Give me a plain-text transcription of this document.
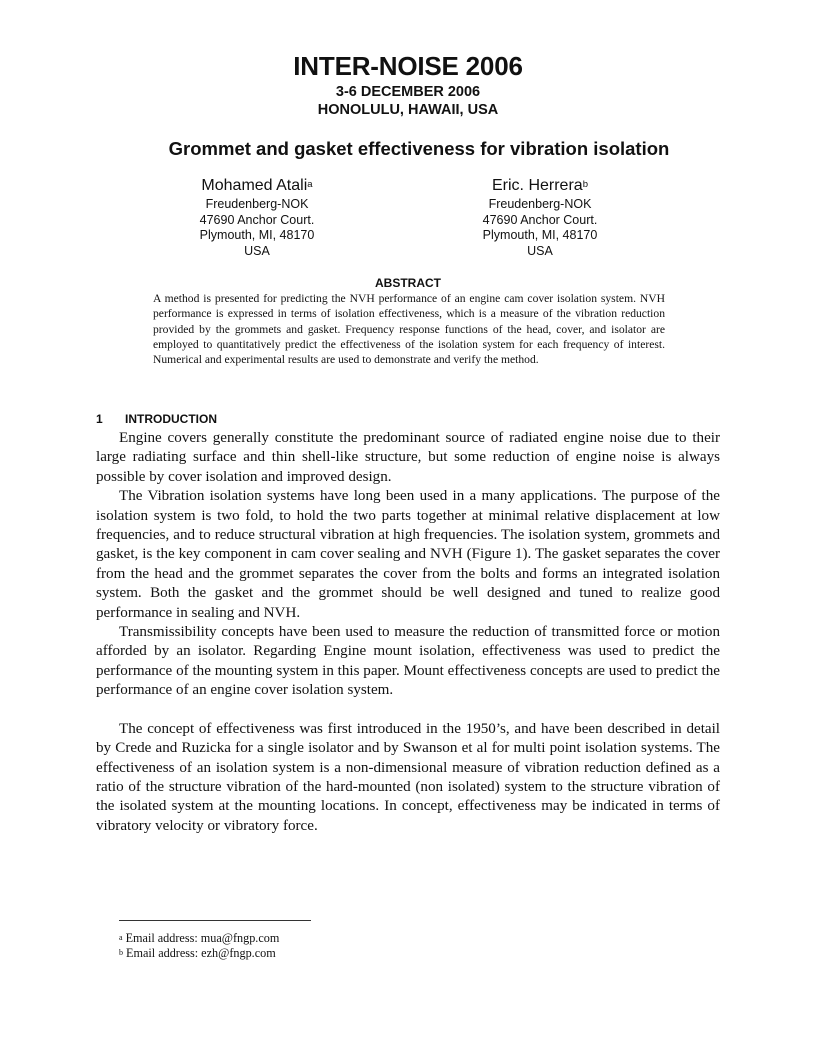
INTER-NOISE 2006
3-6 DECEMBER 2006
HONOLULU, HAWAII, USA
Grommet and gasket effectiveness for vibration isolation
Mohamed Atali$^a$
Freudenberg-NOK
47690 Anchor Court.
Plymouth, MI, 48170
USA
Eric. Herrera$^b$
Freudenberg-NOK
47690 Anchor Court.
Plymouth, MI, 48170
USA
ABSTRACT

A method is presented for predicting the NVH performance of an engine cam cover isolation system. NVH performance is expressed in terms of isolation effectiveness, which is a measure of the vibration reduction provided by the grommets and gasket. Frequency response functions of the head, cover, and isolator are employed to quantitatively predict the effectiveness of the isolation system for each frequency of interest. Numerical and experimental results are used to demonstrate and verify the method.

1 INTRODUCTION

Engine covers generally constitute the predominant source of radiated engine noise due to their large radiating surface and thin shell-like structure, but some reduction of engine noise is always possible by cover isolation and improved design.

The Vibration isolation systems have long been used in a many applications. The purpose of the isolation system is two fold, to hold the two parts together at minimal relative displacement at low frequencies, and to reduce structural vibration at high frequencies. The isolation system, grommets and gasket, is the key component in cam cover sealing and NVH (Figure 1). The gasket separates the cover from the head and the grommet separates the cover from the bolts and forms an integrated isolation system. Both the gasket and the grommet should be well designed and tuned to realize good performance in sealing and NVH.

Transmissibility concepts have been used to measure the reduction of transmitted force or motion afforded by an isolator. Regarding Engine mount isolation, effectiveness was used to predict the performance of the mounting system in this paper. Mount effectiveness concepts are used to predict the performance of an engine cover isolation system.

The concept of effectiveness was first introduced in the 1950’s, and have been described in detail by Crede and Ruzicka for a single isolator and by Swanson et al for multi point isolation systems. The effectiveness of an isolation system is a non-dimensional measure of vibration reduction defined as a ratio of the structure vibration of the hard-mounted (non isolated) system to the structure vibration of the isolated system at the mounting locations. In concept, effectiveness may be indicated in terms of vibratory velocity or vibratory force.

$^a$ Email address: mua@fngp.com
$^b$ Email address: ezh@fngp.com
